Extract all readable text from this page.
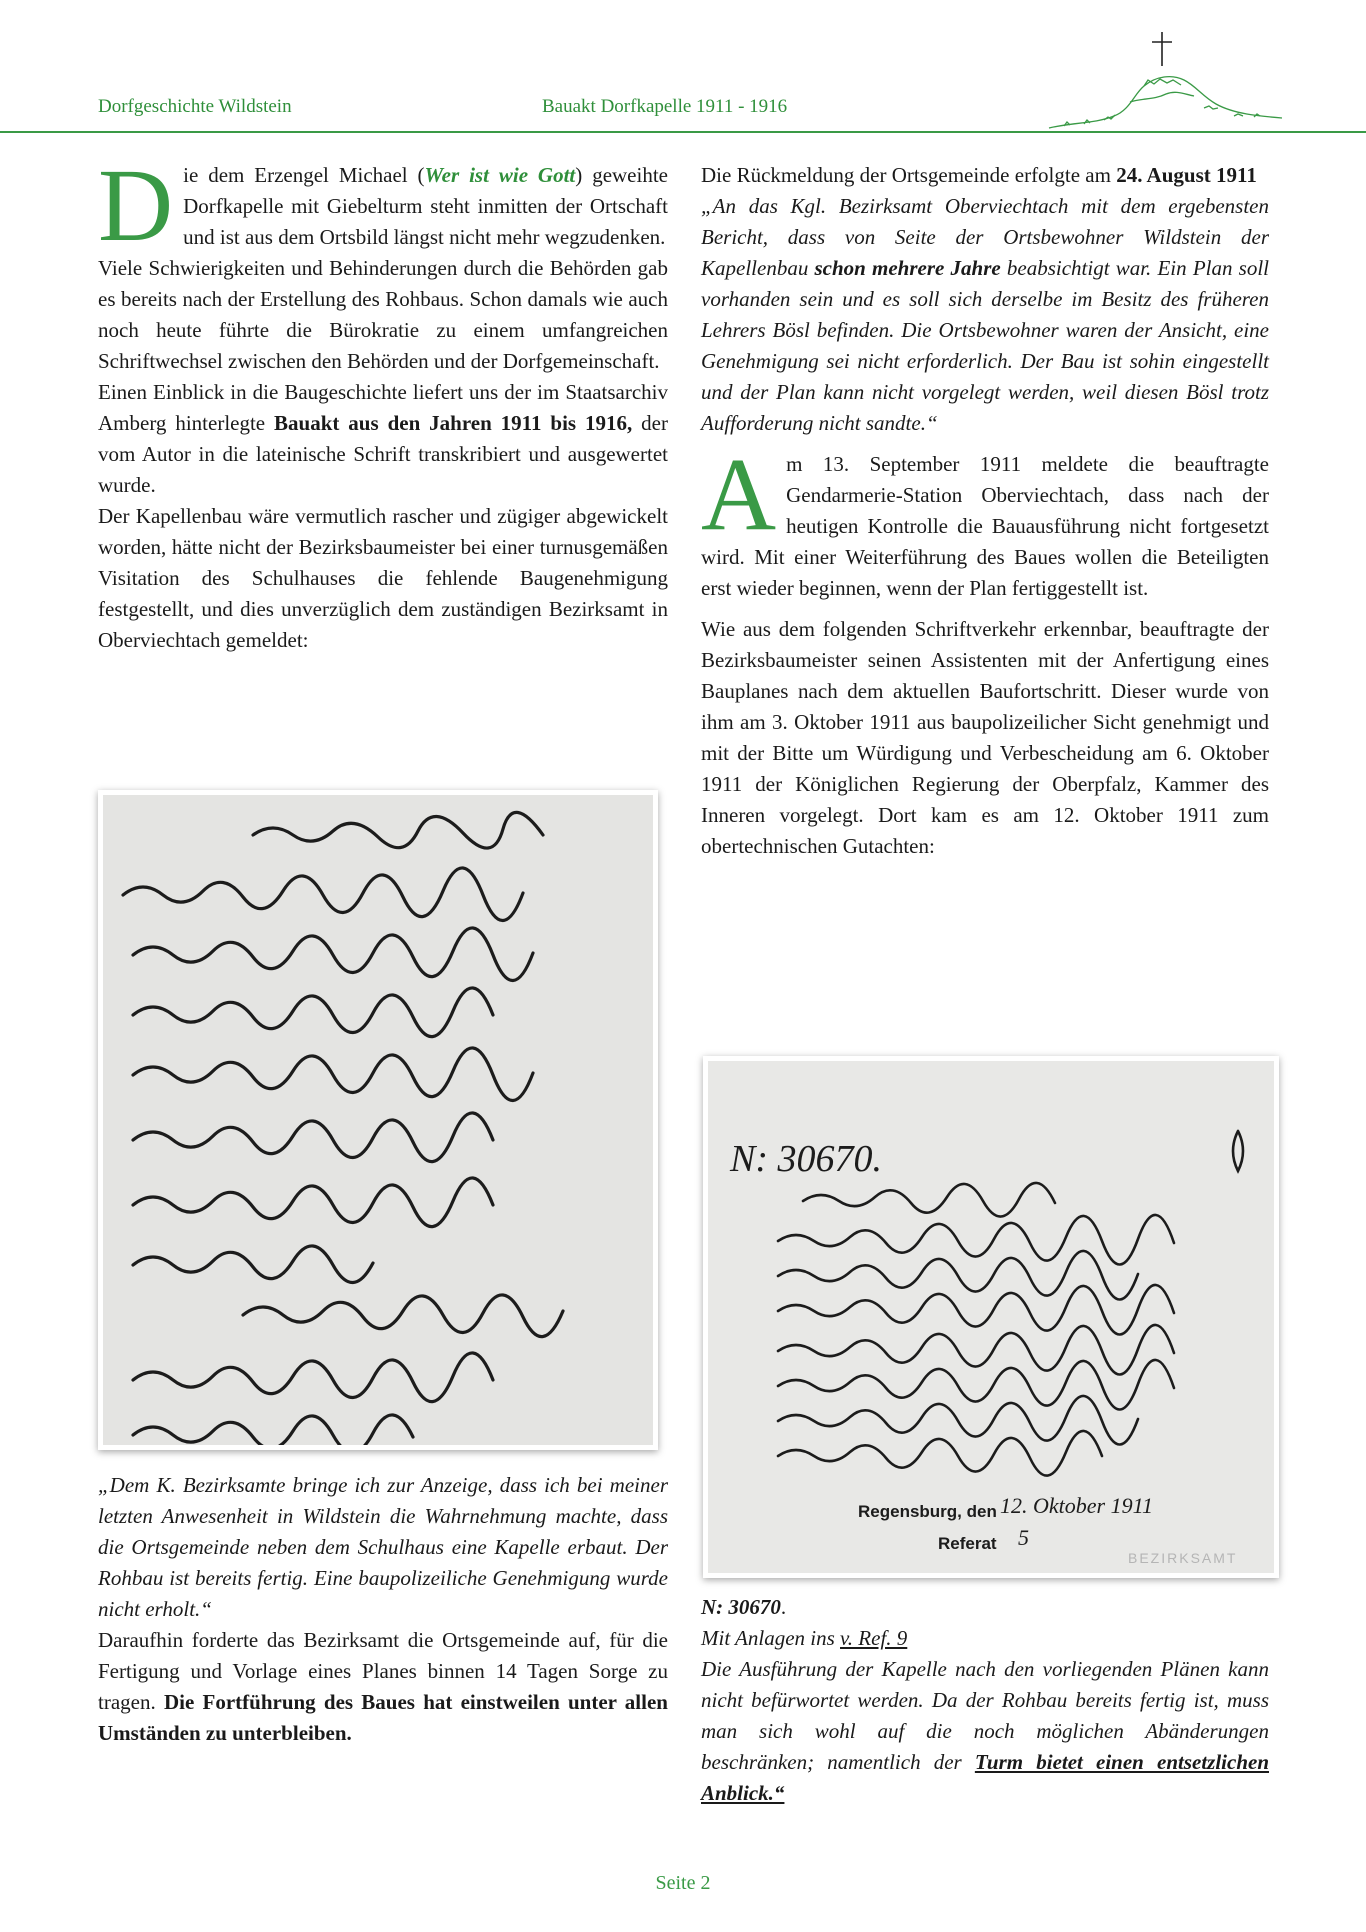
Dorfgeschichte Wildstein	Bauakt Dorfkapelle 1911 - 1916

Die dem Erzengel Michael (Wer ist wie Gott) geweihte Dorfkapelle mit Giebelturm steht inmitten der Ortschaft und ist aus dem Ortsbild längst nicht mehr wegzudenken.

Viele Schwierigkeiten und Behinderungen durch die Behörden gab es bereits nach der Erstellung des Rohbaus. Schon damals wie auch noch heute führte die Bürokratie zu einem umfangreichen Schriftwechsel zwischen den Behörden und der Dorfgemeinschaft.

Einen Einblick in die Baugeschichte liefert uns der im Staatsarchiv Amberg hinterlegte Bauakt aus den Jahren 1911 bis 1916, der vom Autor in die lateinische Schrift transkribiert und ausgewertet wurde.

Der Kapellenbau wäre vermutlich rascher und zügiger abgewickelt worden, hätte nicht der Bezirksbaumeister bei einer turnusgemäßen Visitation des Schulhauses die fehlende Baugenehmigung festgestellt, und dies unverzüglich dem zuständigen Bezirksamt in Oberviechtach gemeldet:

Die Rückmeldung der Ortsgemeinde erfolgte am 24. August 1911

„An das Kgl. Bezirksamt Oberviechtach mit dem ergebensten Bericht, dass von Seite der Ortsbewohner Wildstein der Kapellenbau schon mehrere Jahre beabsichtigt war. Ein Plan soll vorhanden sein und es soll sich derselbe im Besitz des früheren Lehrers Bösl befinden. Die Ortsbewohner waren der Ansicht, eine Genehmigung sei nicht erforderlich. Der Bau ist sohin eingestellt und der Plan kann nicht vorgelegt werden, weil diesen Bösl trotz Aufforderung nicht sandte.“

Am 13. September 1911 meldete die beauftragte Gendarmerie-Station Oberviechtach, dass nach der heutigen Kontrolle die Bauausführung nicht fortgesetzt wird. Mit einer Weiterführung des Baues wollen die Beteiligten erst wieder beginnen, wenn der Plan fertiggestellt ist.

Wie aus dem folgenden Schriftverkehr erkennbar, beauftragte der Bezirksbaumeister seinen Assistenten mit der Anfertigung eines Bauplanes nach dem aktuellen Baufortschritt. Dieser wurde von ihm am 3. Oktober 1911 aus baupolizeilicher Sicht genehmigt und mit der Bitte um Würdigung und Verbescheidung am 6. Oktober 1911 der Königlichen Regierung der Oberpfalz, Kammer des Inneren vorgelegt. Dort kam es am 12. Oktober 1911 zum obertechnischen Gutachten:

„Dem K. Bezirksamte bringe ich zur Anzeige, dass ich bei meiner letzten Anwesenheit in Wildstein die Wahrnehmung machte, dass die Ortsgemeinde neben dem Schulhaus eine Kapelle erbaut. Der Rohbau ist bereits fertig. Eine baupolizeiliche Genehmigung wurde nicht erholt.“

Daraufhin forderte das Bezirksamt die Ortsgemeinde auf, für die Fertigung und Vorlage eines Planes binnen 14 Tagen Sorge zu tragen. Die Fortführung des Baues hat einstweilen unter allen Umständen zu unterbleiben.

N: 30670.
Regensburg, den 12. Oktober 1911
Referat 5
BEZIRKSAMT

N: 30670.

Mit Anlagen ins v. Ref. 9

Die Ausführung der Kapelle nach den vorliegenden Plänen kann nicht befürwortet werden. Da der Rohbau bereits fertig ist, muss man sich wohl auf die noch möglichen Abänderungen beschränken; namentlich der Turm bietet einen entsetzlichen Anblick.“

Seite 2
